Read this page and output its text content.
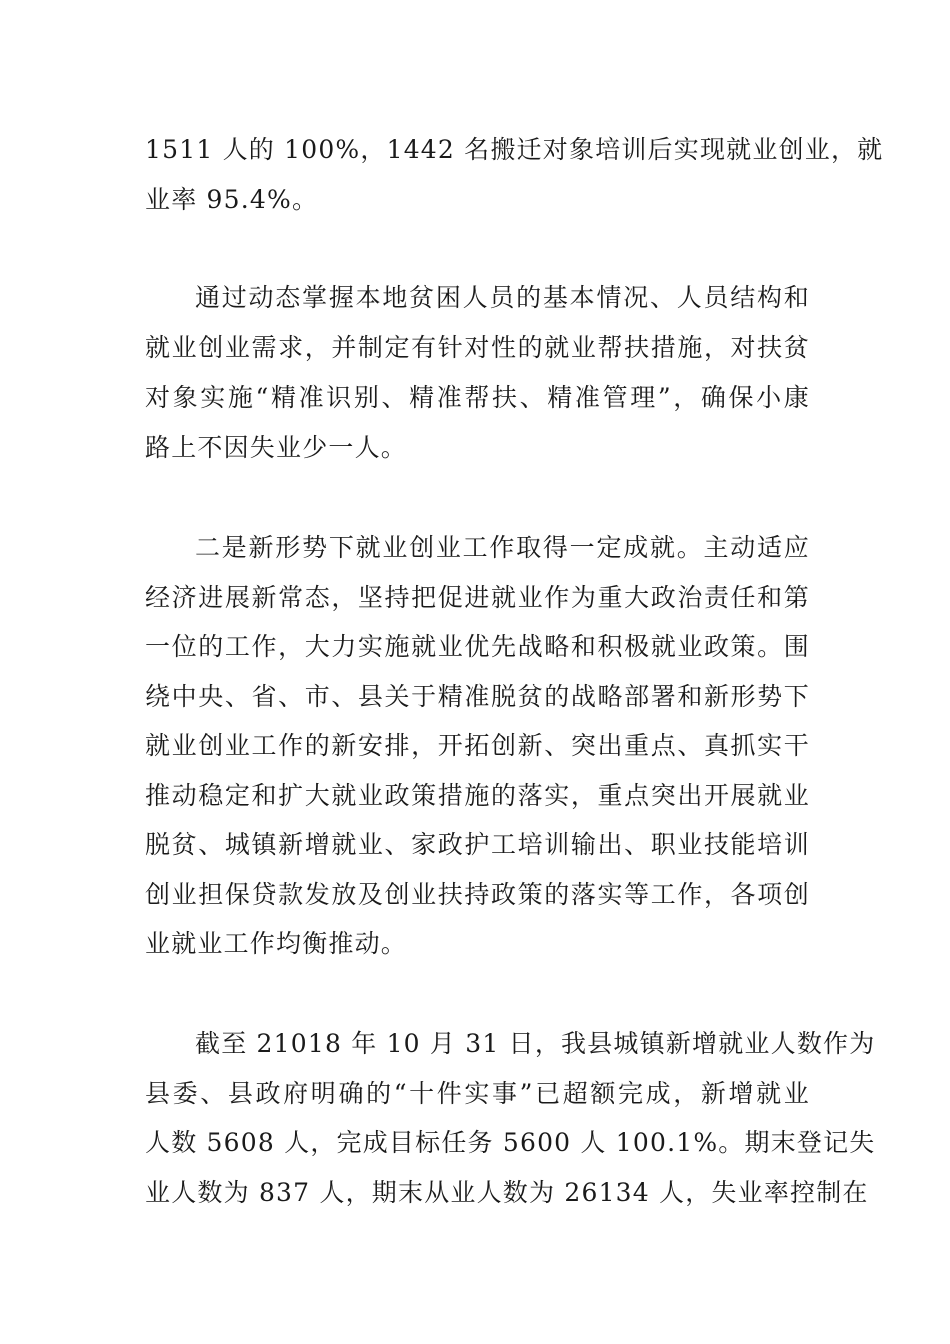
1511 人的 100%，1442 名搬迁对象培训后实现就业创业，就
业率 95.4%。
通过动态掌握本地贫困人员的基本情况、人员结构和
就业创业需求，并制定有针对性的就业帮扶措施，对扶贫
对象实施“精准识别、精准帮扶、精准管理”，确保小康
路上不因失业少一人。
二是新形势下就业创业工作取得一定成就。主动适应
经济进展新常态，坚持把促进就业作为重大政治责任和第
一位的工作，大力实施就业优先战略和积极就业政策。围
绕中央、省、市、县关于精准脱贫的战略部署和新形势下
就业创业工作的新安排，开拓创新、突出重点、真抓实干
推动稳定和扩大就业政策措施的落实，重点突出开展就业
脱贫、城镇新增就业、家政护工培训输出、职业技能培训
创业担保贷款发放及创业扶持政策的落实等工作，各项创
业就业工作均衡推动。
截至 21018 年 10 月 31 日，我县城镇新增就业人数作为
县委、县政府明确的“十件实事”已超额完成，新增就业
人数 5608 人，完成目标任务 5600 人 100.1%。期末登记失
业人数为 837 人，期末从业人数为 26134 人，失业率控制在
